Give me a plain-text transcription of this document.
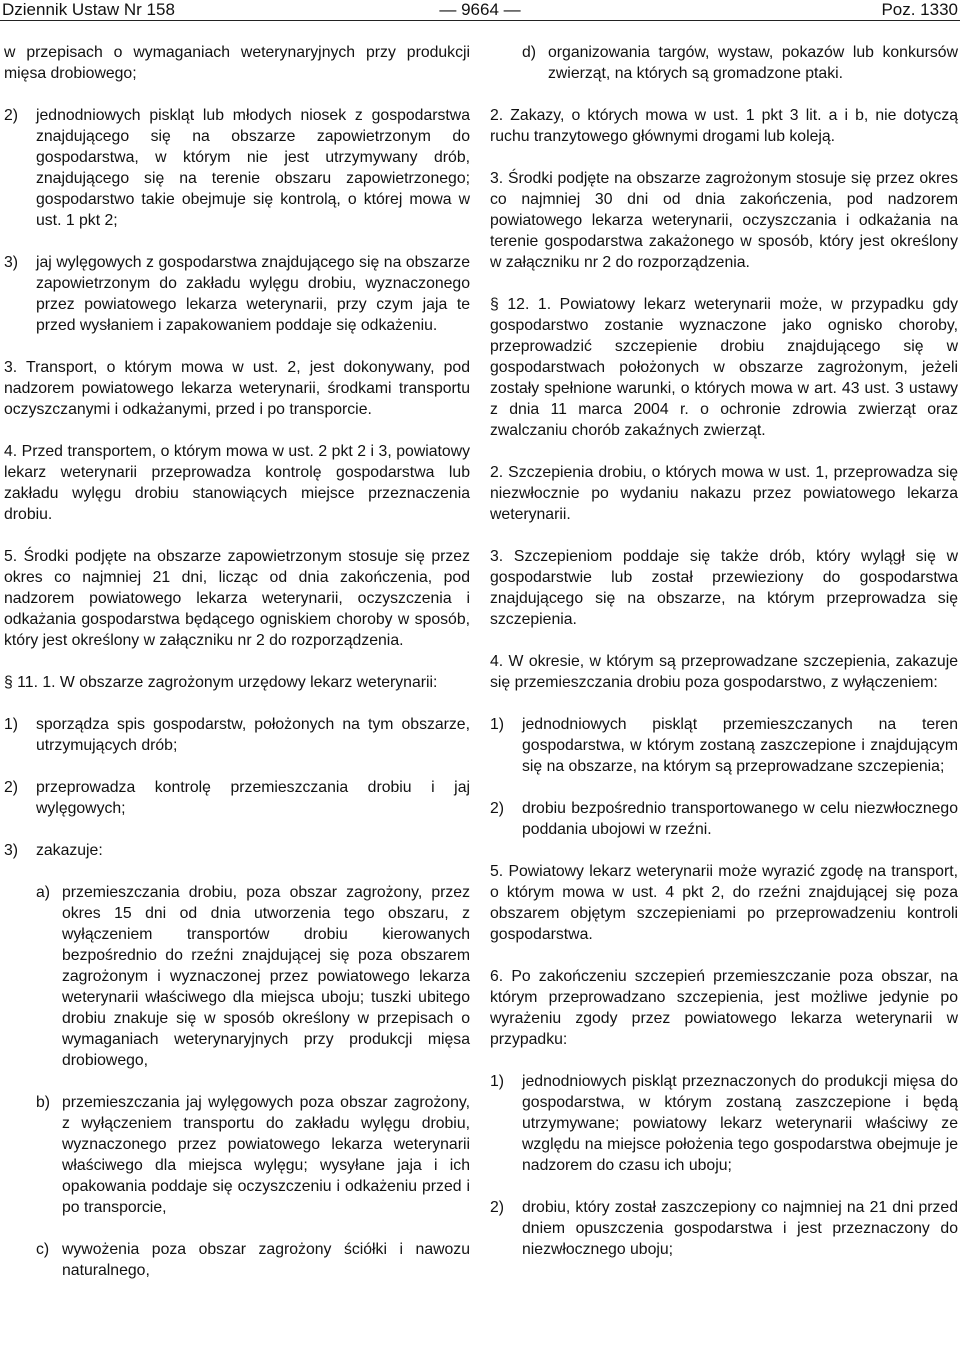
Dziennik Ustaw Nr 158	— 9664 —	Poz. 1330
w przepisach o wymaganiach weterynaryjnych przy produkcji mięsa drobiowego;
2) jednodniowych piskląt lub młodych niosek z gospodarstwa znajdującego się na obszarze zapowietrzonym do gospodarstwa, w którym nie jest utrzymywany drób, znajdującego się na terenie obszaru zapowietrzonego; gospodarstwo takie obejmuje się kontrolą, o której mowa w ust. 1 pkt 2;
3) jaj wylęgowych z gospodarstwa znajdującego się na obszarze zapowietrzonym do zakładu wylęgu drobiu, wyznaczonego przez powiatowego lekarza weterynarii, przy czym jaja te przed wysłaniem i zapakowaniem poddaje się odkażeniu.
3. Transport, o którym mowa w ust. 2, jest dokonywany, pod nadzorem powiatowego lekarza weterynarii, środkami transportu oczyszczanymi i odkażanymi, przed i po transporcie.
4. Przed transportem, o którym mowa w ust. 2 pkt 2 i 3, powiatowy lekarz weterynarii przeprowadza kontrolę gospodarstwa lub zakładu wylęgu drobiu stanowiących miejsce przeznaczenia drobiu.
5. Środki podjęte na obszarze zapowietrzonym stosuje się przez okres co najmniej 21 dni, licząc od dnia zakończenia, pod nadzorem powiatowego lekarza weterynarii, oczyszczenia i odkażania gospodarstwa będącego ogniskiem choroby w sposób, który jest określony w załączniku nr 2 do rozporządzenia.
§ 11. 1. W obszarze zagrożonym urzędowy lekarz weterynarii:
1) sporządza spis gospodarstw, położonych na tym obszarze, utrzymujących drób;
2) przeprowadza kontrolę przemieszczania drobiu i jaj wylęgowych;
3) zakazuje:
a) przemieszczania drobiu, poza obszar zagrożony, przez okres 15 dni od dnia utworzenia tego obszaru, z wyłączeniem transportów drobiu kierowanych bezpośrednio do rzeźni znajdującej się poza obszarem zagrożonym i wyznaczonej przez powiatowego lekarza weterynarii właściwego dla miejsca uboju; tuszki ubitego drobiu znakuje się w sposób określony w przepisach o wymaganiach weterynaryjnych przy produkcji mięsa drobiowego,
b) przemieszczania jaj wylęgowych poza obszar zagrożony, z wyłączeniem transportu do zakładu wylęgu drobiu, wyznaczonego przez powiatowego lekarza weterynarii właściwego dla miejsca wylęgu; wysyłane jaja i ich opakowania poddaje się oczyszczeniu i odkażeniu przed i po transporcie,
c) wywożenia poza obszar zagrożony ściółki i nawozu naturalnego,
d) organizowania targów, wystaw, pokazów lub konkursów zwierząt, na których są gromadzone ptaki.
2. Zakazy, o których mowa w ust. 1 pkt 3 lit. a i b, nie dotyczą ruchu tranzytowego głównymi drogami lub koleją.
3. Środki podjęte na obszarze zagrożonym stosuje się przez okres co najmniej 30 dni od dnia zakończenia, pod nadzorem powiatowego lekarza weterynarii, oczyszczania i odkażania na terenie gospodarstwa zakażonego w sposób, który jest określony w załączniku nr 2 do rozporządzenia.
§ 12. 1. Powiatowy lekarz weterynarii może, w przypadku gdy gospodarstwo zostanie wyznaczone jako ognisko choroby, przeprowadzić szczepienie drobiu znajdującego się w gospodarstwach położonych w obszarze zagrożonym, jeżeli zostały spełnione warunki, o których mowa w art. 43 ust. 3 ustawy z dnia 11 marca 2004 r. o ochronie zdrowia zwierząt oraz zwalczaniu chorób zakaźnych zwierząt.
2. Szczepienia drobiu, o których mowa w ust. 1, przeprowadza się niezwłocznie po wydaniu nakazu przez powiatowego lekarza weterynarii.
3. Szczepieniom poddaje się także drób, który wylągł się w gospodarstwie lub został przewieziony do gospodarstwa znajdującego się na obszarze, na którym przeprowadza się szczepienia.
4. W okresie, w którym są przeprowadzane szczepienia, zakazuje się przemieszczania drobiu poza gospodarstwo, z wyłączeniem:
1) jednodniowych piskląt przemieszczanych na teren gospodarstwa, w którym zostaną zaszczepione i znajdującym się na obszarze, na którym są przeprowadzane szczepienia;
2) drobiu bezpośrednio transportowanego w celu niezwłocznego poddania ubojowi w rzeźni.
5. Powiatowy lekarz weterynarii może wyrazić zgodę na transport, o którym mowa w ust. 4 pkt 2, do rzeźni znajdującej się poza obszarem objętym szczepieniami po przeprowadzeniu kontroli gospodarstwa.
6. Po zakończeniu szczepień przemieszczanie poza obszar, na którym przeprowadzano szczepienia, jest możliwe jedynie po wyrażeniu zgody przez powiatowego lekarza weterynarii w przypadku:
1) jednodniowych piskląt przeznaczonych do produkcji mięsa do gospodarstwa, w którym zostaną zaszczepione i będą utrzymywane; powiatowy lekarz weterynarii właściwy ze względu na miejsce położenia tego gospodarstwa obejmuje je nadzorem do czasu ich uboju;
2) drobiu, który został zaszczepiony co najmniej na 21 dni przed dniem opuszczenia gospodarstwa i jest przeznaczony do niezwłocznego uboju;
